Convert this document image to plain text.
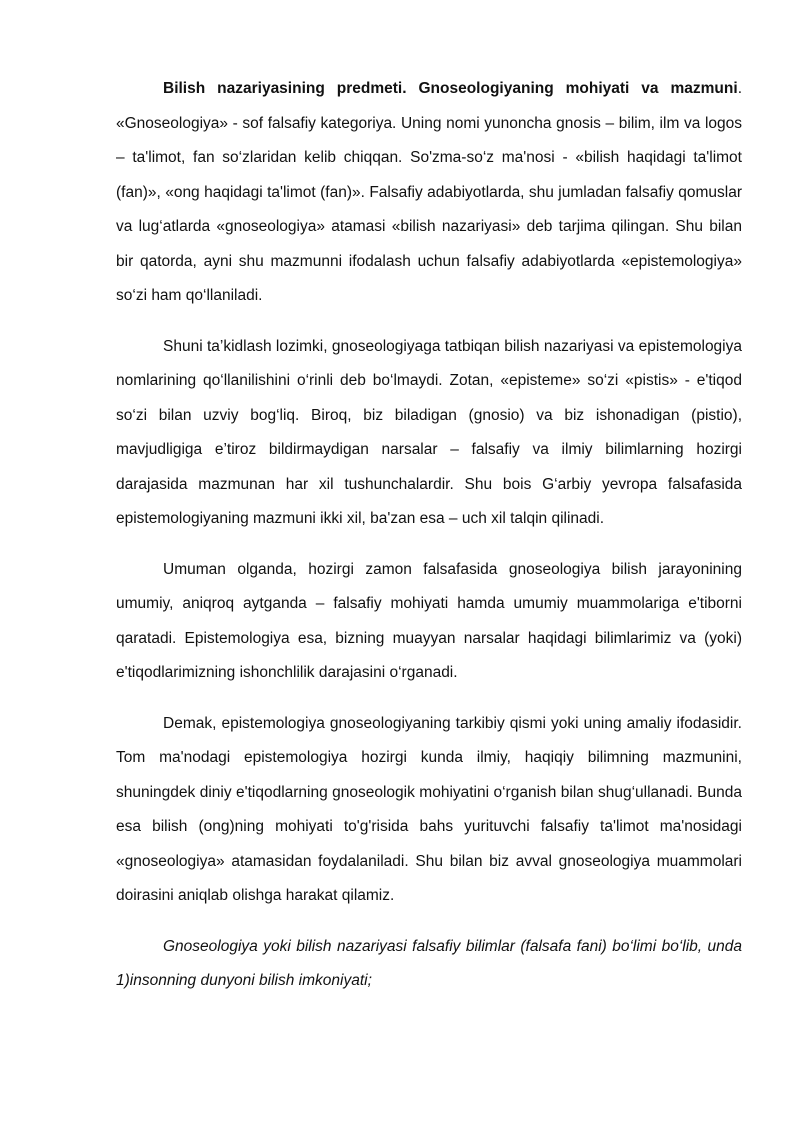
Bilish nazariyasining predmeti. Gnoseologiyaning mohiyati va mazmuni. «Gnoseologiya» - sof falsafiy kategoriya. Uning nomi yunoncha gnosis – bilim, ilm va logos – ta'limot, fan so‘zlaridan kelib chiqqan. So'zma-so‘z ma'nosi - «bilish haqidagi ta'limot (fan)», «ong haqidagi ta'limot (fan)». Falsafiy adabiyotlarda, shu jumladan falsafiy qomuslar va lug‘atlarda «gnoseologiya» atamasi «bilish nazariyasi» deb tarjima qilingan. Shu bilan bir qatorda, ayni shu mazmunni ifodalash uchun falsafiy adabiyotlarda «epistemologiya» so‘zi ham qo‘llaniladi.

Shuni ta’kidlash lozimki, gnoseologiyaga tatbiqan bilish nazariyasi va epistemologiya nomlarining qo‘llanilishini o‘rinli deb bo‘lmaydi. Zotan, «episteme» so‘zi «pistis» - e'tiqod so‘zi bilan uzviy bog‘liq. Biroq, biz biladigan (gnosio) va biz ishonadigan (pistio), mavjudligiga e’tiroz bildirmaydigan narsalar – falsafiy va ilmiy bilimlarning hozirgi darajasida mazmunan har xil tushunchalardir. Shu bois G‘arbiy yevropa falsafasida epistemologiyaning mazmuni ikki xil, ba'zan esa – uch xil talqin qilinadi.

Umuman olganda, hozirgi zamon falsafasida gnoseologiya bilish jarayonining umumiy, aniqroq aytganda – falsafiy mohiyati hamda umumiy muammolariga e'tiborni qaratadi. Epistemologiya esa, bizning muayyan narsalar haqidagi bilimlarimiz va (yoki) e'tiqodlarimizning ishonchlilik darajasini o‘rganadi.

Demak, epistemologiya gnoseologiyaning tarkibiy qismi yoki uning amaliy ifodasidir. Tom ma'nodagi epistemologiya hozirgi kunda ilmiy, haqiqiy bilimning mazmunini, shuningdek diniy e'tiqodlarning gnoseologik mohiyatini o‘rganish bilan shug‘ullanadi. Bunda esa bilish (ong)ning mohiyati to'g'risida bahs yurituvchi falsafiy ta'limot ma'nosidagi «gnoseologiya» atamasidan foydalaniladi. Shu bilan biz avval gnoseologiya muammolari doirasini aniqlab olishga harakat qilamiz.

Gnoseologiya yoki bilish nazariyasi falsafiy bilimlar (falsafa fani) bo‘limi bo‘lib, unda 1)insonning dunyoni bilish imkoniyati;
